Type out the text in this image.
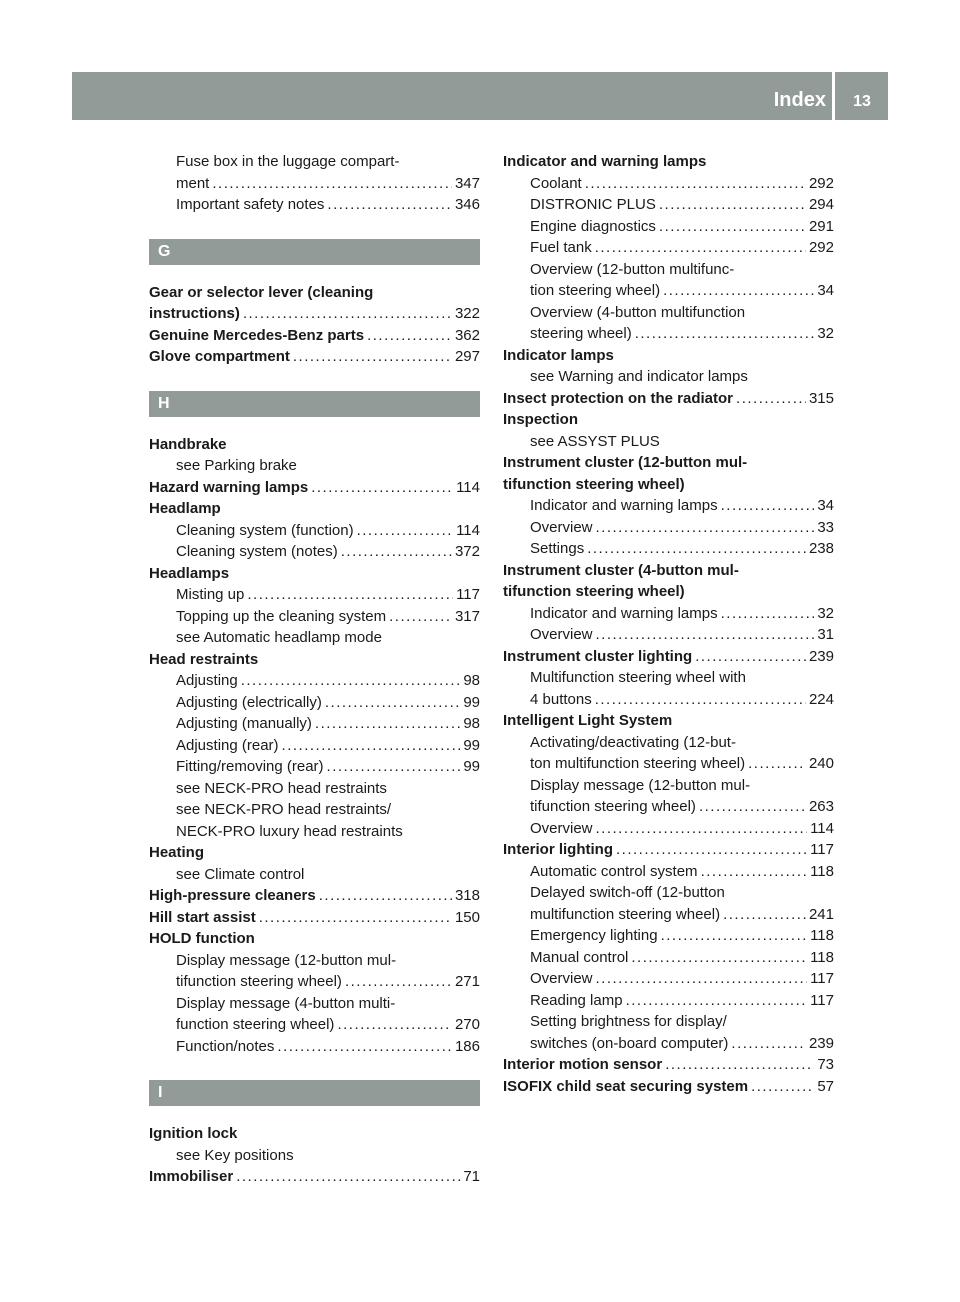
Index	13
Fuse box in the luggage compart-
ment .....	347
Important safety notes .....	346
G
Gear or selector lever (cleaning
instructions) .....	322
Genuine Mercedes-Benz parts .....	362
Glove compartment .....	297
H
Handbrake
see Parking brake
Hazard warning lamps .....	114
Headlamp
Cleaning system (function) .....	114
Cleaning system (notes) .....	372
Headlamps
Misting up .....	117
Topping up the cleaning system .....	317
see Automatic headlamp mode
Head restraints
Adjusting .....	98
Adjusting (electrically) .....	99
Adjusting (manually) .....	98
Adjusting (rear) .....	99
Fitting/removing (rear) .....	99
see NECK-PRO head restraints
see NECK-PRO head restraints/
NECK-PRO luxury head restraints
Heating
see Climate control
High-pressure cleaners .....	318
Hill start assist .....	150
HOLD function
Display message (12-button mul-
tifunction steering wheel) .....	271
Display message (4-button multi-
function steering wheel) .....	270
Function/notes .....	186
I
Ignition lock
see Key positions
Immobiliser .....	71
Indicator and warning lamps
Coolant .....	292
DISTRONIC PLUS .....	294
Engine diagnostics .....	291
Fuel tank .....	292
Overview (12-button multifunc-
tion steering wheel) .....	34
Overview (4-button multifunction
steering wheel) .....	32
Indicator lamps
see Warning and indicator lamps
Insect protection on the radiator .....	315
Inspection
see ASSYST PLUS
Instrument cluster (12-button mul-
tifunction steering wheel)
Indicator and warning lamps .....	34
Overview .....	33
Settings .....	238
Instrument cluster (4-button mul-
tifunction steering wheel)
Indicator and warning lamps .....	32
Overview .....	31
Instrument cluster lighting .....	239
Multifunction steering wheel with
4 buttons .....	224
Intelligent Light System
Activating/deactivating (12-but-
ton multifunction steering wheel) .....	240
Display message (12-button mul-
tifunction steering wheel) .....	263
Overview .....	114
Interior lighting .....	117
Automatic control system .....	118
Delayed switch-off (12-button
multifunction steering wheel) .....	241
Emergency lighting .....	118
Manual control .....	118
Overview .....	117
Reading lamp .....	117
Setting brightness for display/
switches (on-board computer) .....	239
Interior motion sensor .....	73
ISOFIX child seat securing system .....	57
